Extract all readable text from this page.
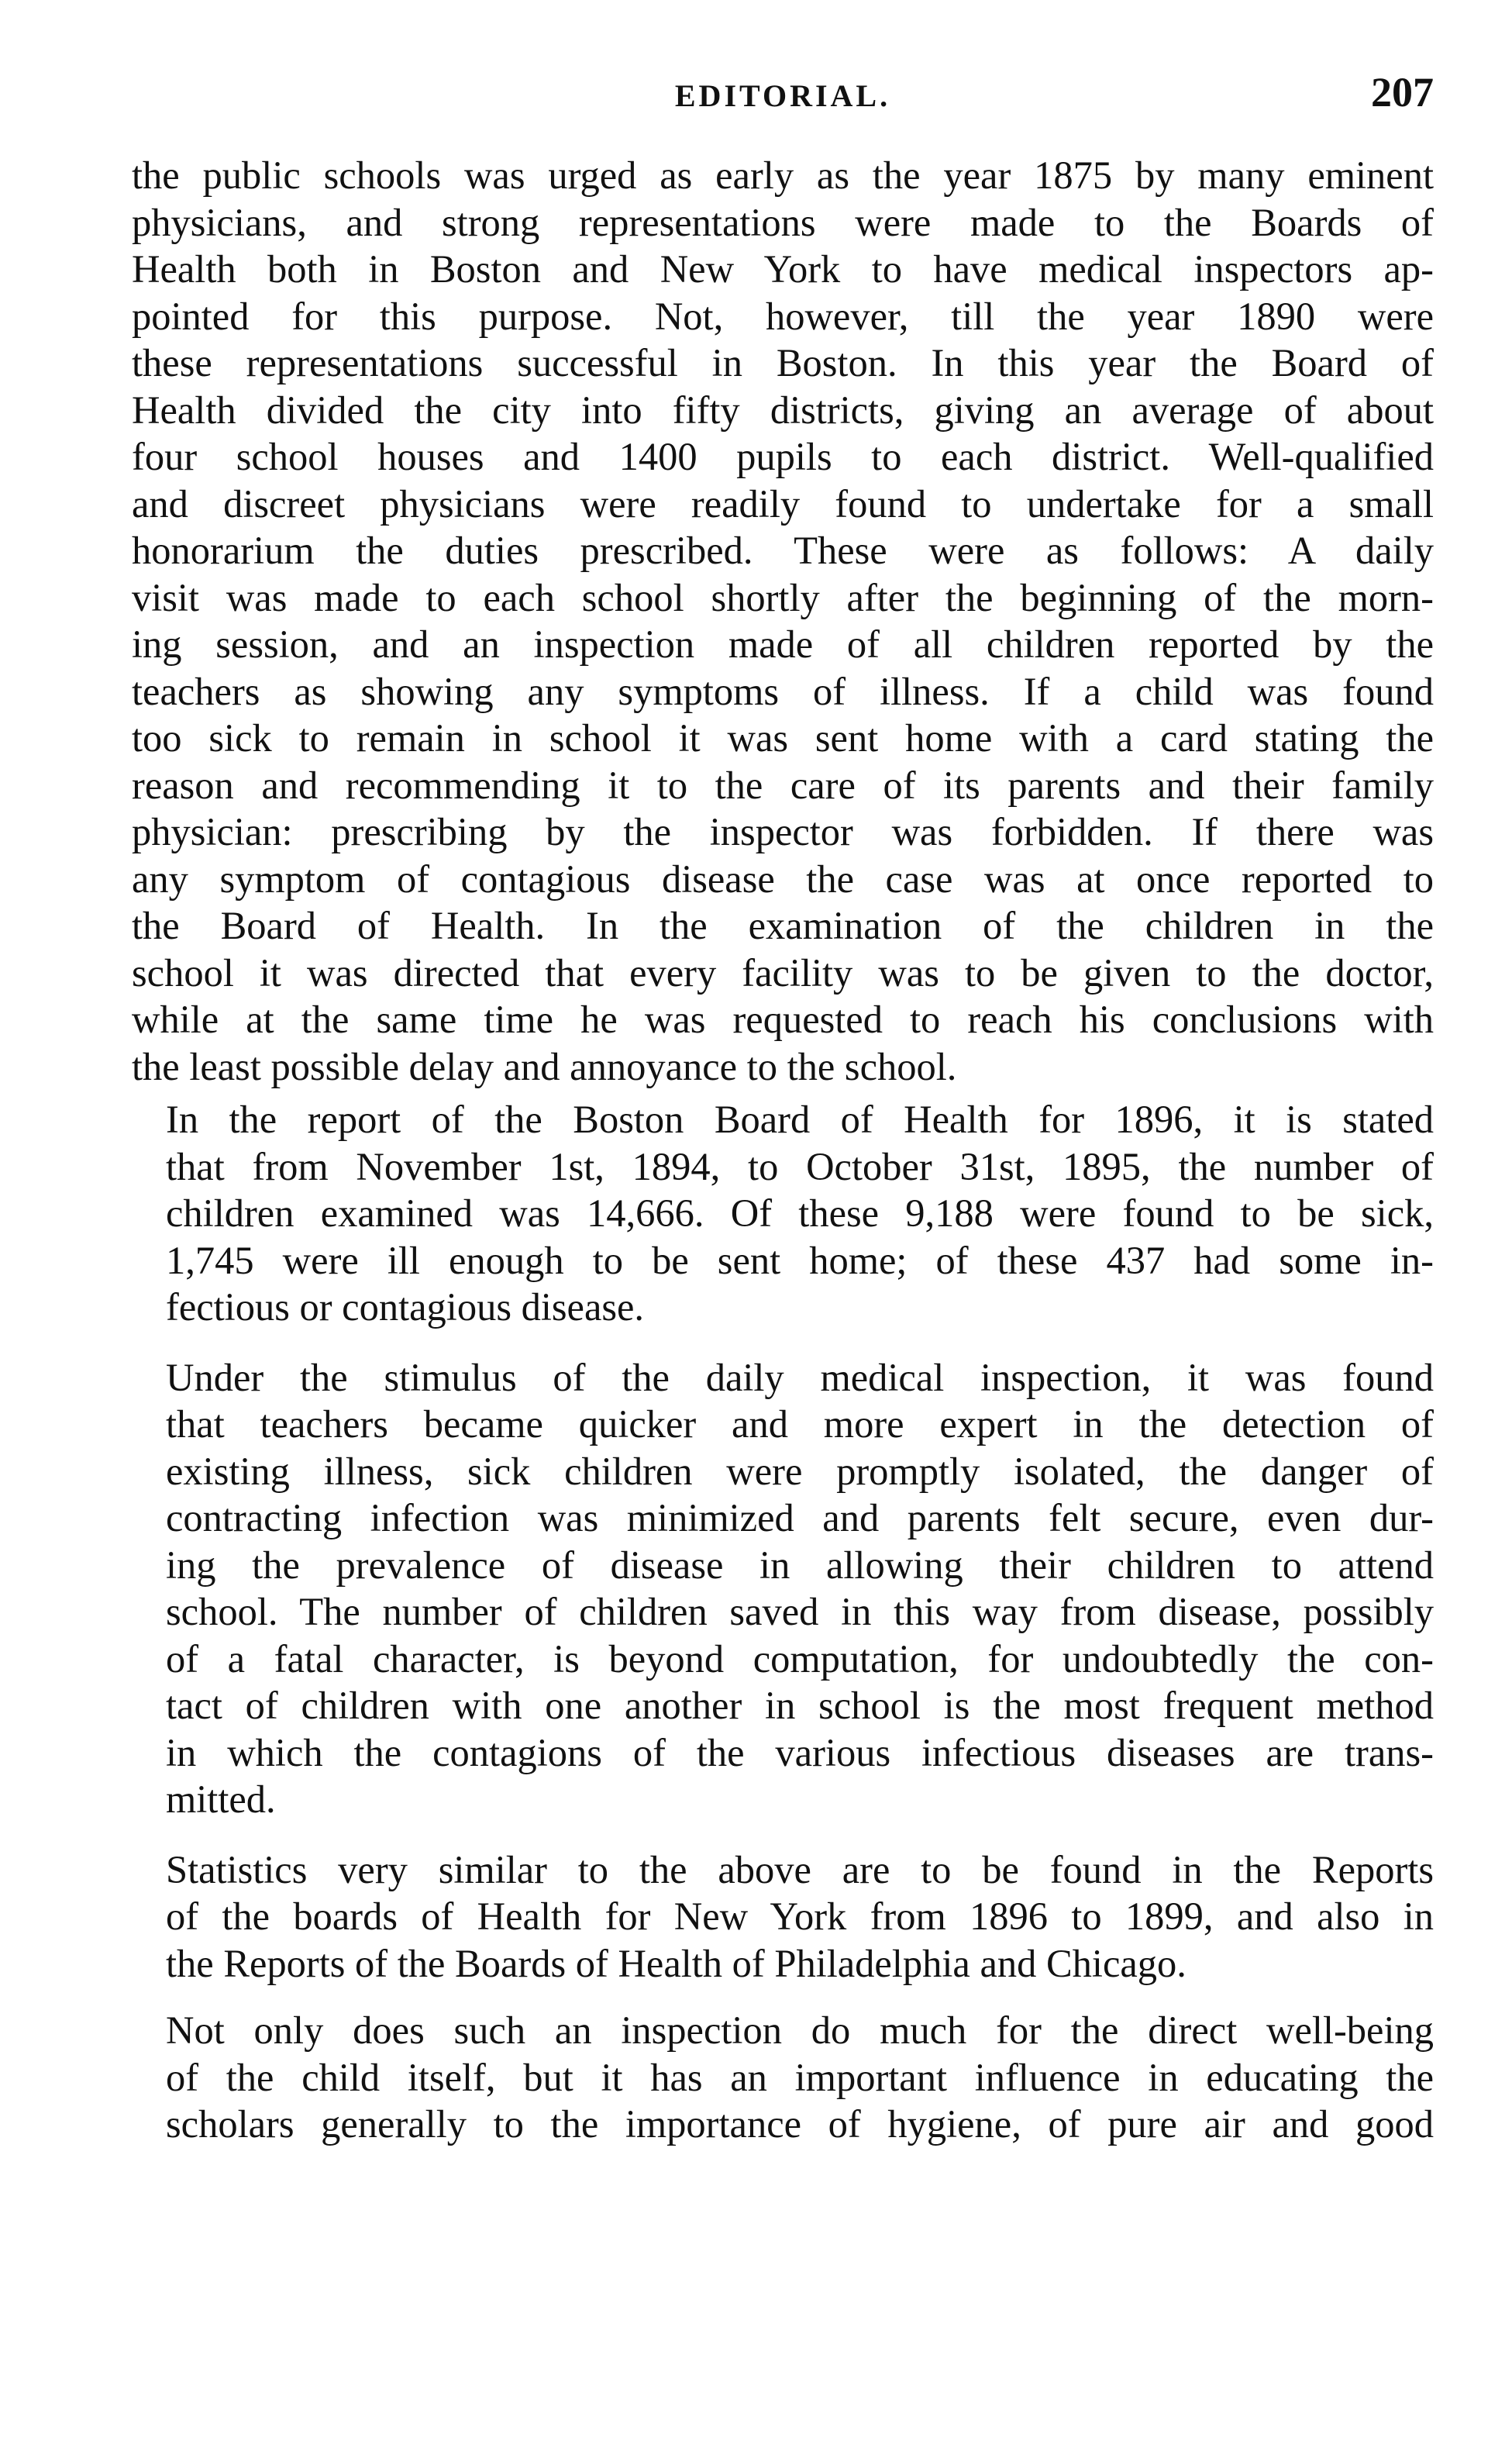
EDITORIAL.	207

the public schools was urged as early as the year 1875 by many eminent
physicians, and strong representations were made to the Boards of
Health both in Boston and New York to have medical inspectors ap-
pointed for this purpose. Not, however, till the year 1890 were
these representations successful in Boston. In this year the Board of
Health divided the city into fifty districts, giving an average of about
four school houses and 1400 pupils to each district. Well-qualified
and discreet physicians were readily found to undertake for a small
honorarium the duties prescribed. These were as follows: A daily
visit was made to each school shortly after the beginning of the morn-
ing session, and an inspection made of all children reported by the
teachers as showing any symptoms of illness. If a child was found
too sick to remain in school it was sent home with a card stating the
reason and recommending it to the care of its parents and their family
physician: prescribing by the inspector was forbidden. If there was
any symptom of contagious disease the case was at once reported to
the Board of Health. In the examination of the children in the
school it was directed that every facility was to be given to the doctor,
while at the same time he was requested to reach his conclusions with
the least possible delay and annoyance to the school.

In the report of the Boston Board of Health for 1896, it is stated
that from November 1st, 1894, to October 31st, 1895, the number of
children examined was 14,666. Of these 9,188 were found to be sick,
1,745 were ill enough to be sent home; of these 437 had some in-
fectious or contagious disease.

Under the stimulus of the daily medical inspection, it was found
that teachers became quicker and more expert in the detection of
existing illness, sick children were promptly isolated, the danger of
contracting infection was minimized and parents felt secure, even dur-
ing the prevalence of disease in allowing their children to attend
school. The number of children saved in this way from disease, possibly
of a fatal character, is beyond computation, for undoubtedly the con-
tact of children with one another in school is the most frequent method
in which the contagions of the various infectious diseases are trans-
mitted.

Statistics very similar to the above are to be found in the Reports
of the boards of Health for New York from 1896 to 1899, and also in
the Reports of the Boards of Health of Philadelphia and Chicago.

Not only does such an inspection do much for the direct well-being
of the child itself, but it has an important influence in educating the
scholars generally to the importance of hygiene, of pure air and good
